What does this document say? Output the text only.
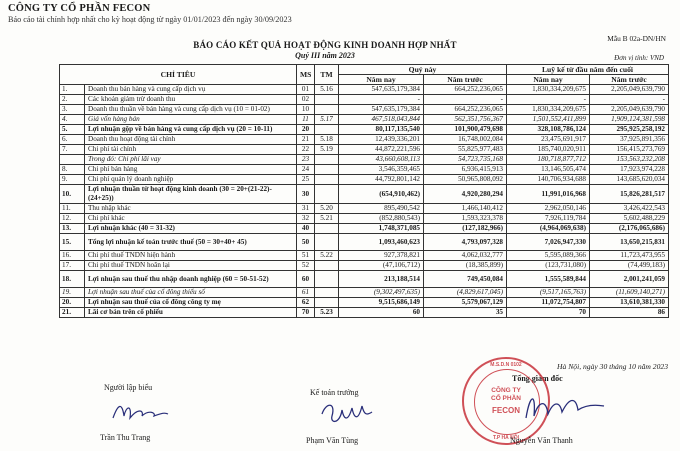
CÔNG TY CỔ PHẦN FECON
Báo cáo tài chính hợp nhất cho kỳ hoạt động từ ngày 01/01/2023 đến ngày 30/09/2023
Mẫu B 02a-DN/HN
BÁO CÁO KẾT QUẢ HOẠT ĐỘNG KINH DOANH HỢP NHẤT
Quý III năm 2023	Đơn vị tính: VND
CHỈ TIÊU		MS	TM	Quý này		Luỹ kế từ đầu năm đến cuối	
				Năm nay	Năm trước	Năm nay	Năm trước
1.	Doanh thu bán hàng và cung cấp dịch vụ	01	5.16	547,635,179,384	664,252,236,065	1,830,334,209,675	2,205,049,639,790
2.	Các khoản giảm trừ doanh thu	02		-	-	-	-
3.	Doanh thu thuần về bán hàng và cung cấp dịch vụ (10 = 01-02)	10		547,635,179,384	664,252,236,065	1,830,334,209,675	2,205,049,639,790
4.	Giá vốn hàng bán	11	5.17	467,518,043,844	562,351,756,367	1,501,552,411,899	1,909,124,381,598
5.	Lợi nhuận gộp về bán hàng và cung cấp dịch vụ (20 = 10-11)	20		80,117,135,540	101,900,479,698	328,108,786,124	295,925,258,192
6.	Doanh thu hoạt động tài chính	21	5.18	12,439,336,201	16,748,002,084	23,475,691,917	37,925,891,356
7.	Chi phí tài chính	22	5.19	44,872,221,596	55,825,977,483	185,740,020,911	156,415,273,769
	Trong đó: Chi phí lãi vay	23		43,660,608,113	54,723,735,168	180,718,877,712	153,563,232,208
8.	Chi phí bán hàng	24		3,546,359,465	6,936,415,913	13,146,505,474	17,923,974,228
9.	Chi phí quản lý doanh nghiệp	25		44,792,801,142	50,965,808,092	140,706,934,688	143,685,620,034
10.	Lợi nhuận thuần từ hoạt động kinh doanh (30 = 20+(21-22)-(24+25))	30		(654,910,462)	4,920,280,294	11,991,016,968	15,826,281,517
11.	Thu nhập khác	31	5.20	895,490,542	1,466,140,412	2,962,050,146	3,426,422,543
12.	Chi phí khác	32	5.21	(852,880,543)	1,593,323,378	7,926,119,784	5,602,488,229
13.	Lợi nhuận khác (40 = 31-32)	40		1,748,371,085	(127,182,966)	(4,964,069,638)	(2,176,065,686)
15.	Tổng lợi nhuận kế toán trước thuế (50 = 30+40+ 45)	50		1,093,460,623	4,793,097,328	7,026,947,330	13,650,215,831
16.	Chi phí thuế TNDN hiện hành	51	5.22	927,378,821	4,062,032,777	5,595,089,366	11,723,473,955
17.	Chi phí thuế TNDN hoãn lại	52		(47,106,712)	(18,385,899)	(123,731,080)	(74,499,183)
18.	Lợi nhuận sau thuế thu nhập doanh nghiệp (60 = 50-51-52)	60		213,188,514	749,450,084	1,555,589,844	2,001,241,059
19.	Lợi nhuận sau thuế của cổ đông thiểu số	61		(9,302,497,635)	(4,829,617,045)	(9,517,165,763)	(11,609,140,271)
20.	Lợi nhuận sau thuế của cổ đông công ty mẹ	62		9,515,686,149	5,579,067,129	11,072,754,807	13,610,381,330
21.	Lãi cơ bản trên cổ phiếu	70	5.23	60	35	70	86
Hà Nội, ngày 30 tháng 10 năm 2023
Người lập biểu
Kế toán trưởng
Tổng giám đốc
CÔNG TY
CỔ PHẦN
FECON
M.S.D.N 0102
T.P HÀ NỘI
Trần Thu Trang	Phạm Văn Tùng	Nguyễn Văn Thanh
